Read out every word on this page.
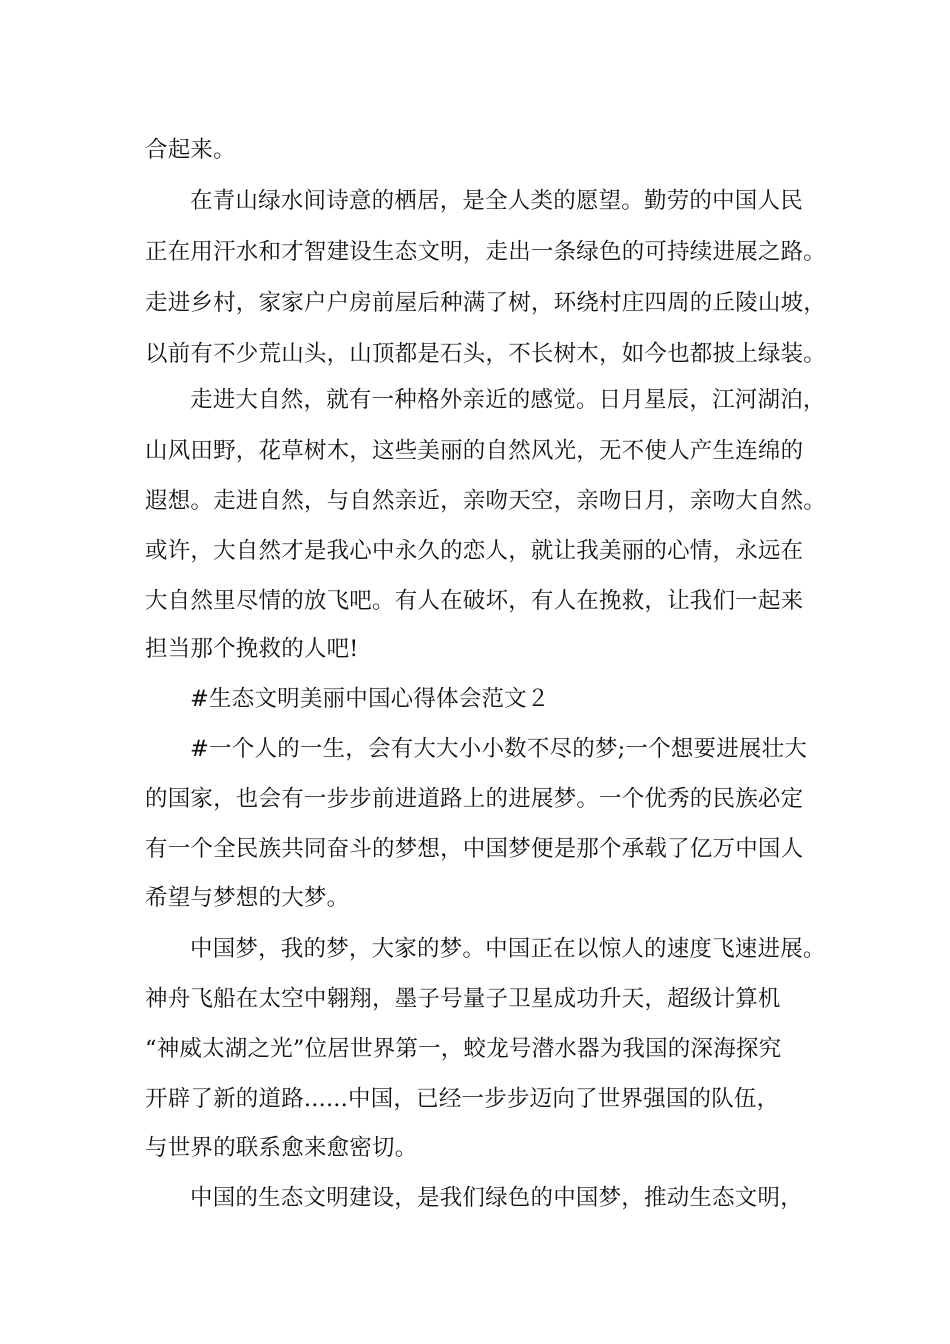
合起来。
在青山绿水间诗意的栖居，是全人类的愿望。勤劳的中国人民
正在用汗水和才智建设生态文明，走出一条绿色的可持续进展之路。
走进乡村，家家户户房前屋后种满了树，环绕村庄四周的丘陵山坡，
以前有不少荒山头，山顶都是石头，不长树木，如今也都披上绿装。
走进大自然，就有一种格外亲近的感觉。日月星辰，江河湖泊，
山风田野，花草树木，这些美丽的自然风光，无不使人产生连绵的
遐想。走进自然，与自然亲近，亲吻天空，亲吻日月，亲吻大自然。
或许，大自然才是我心中永久的恋人，就让我美丽的心情，永远在
大自然里尽情的放飞吧。有人在破坏，有人在挽救，让我们一起来
担当那个挽救的人吧!
#生态文明美丽中国心得体会范文２
#一个人的一生，会有大大小小数不尽的梦;一个想要进展壮大
的国家，也会有一步步前进道路上的进展梦。一个优秀的民族必定
有一个全民族共同奋斗的梦想，中国梦便是那个承载了亿万中国人
希望与梦想的大梦。
中国梦，我的梦，大家的梦。中国正在以惊人的速度飞速进展。
神舟飞船在太空中翱翔，墨子号量子卫星成功升天，超级计算机
“神威太湖之光”位居世界第一，蛟龙号潜水器为我国的深海探究
开辟了新的道路......中国，已经一步步迈向了世界强国的队伍，
与世界的联系愈来愈密切。
中国的生态文明建设，是我们绿色的中国梦，推动生态文明，
